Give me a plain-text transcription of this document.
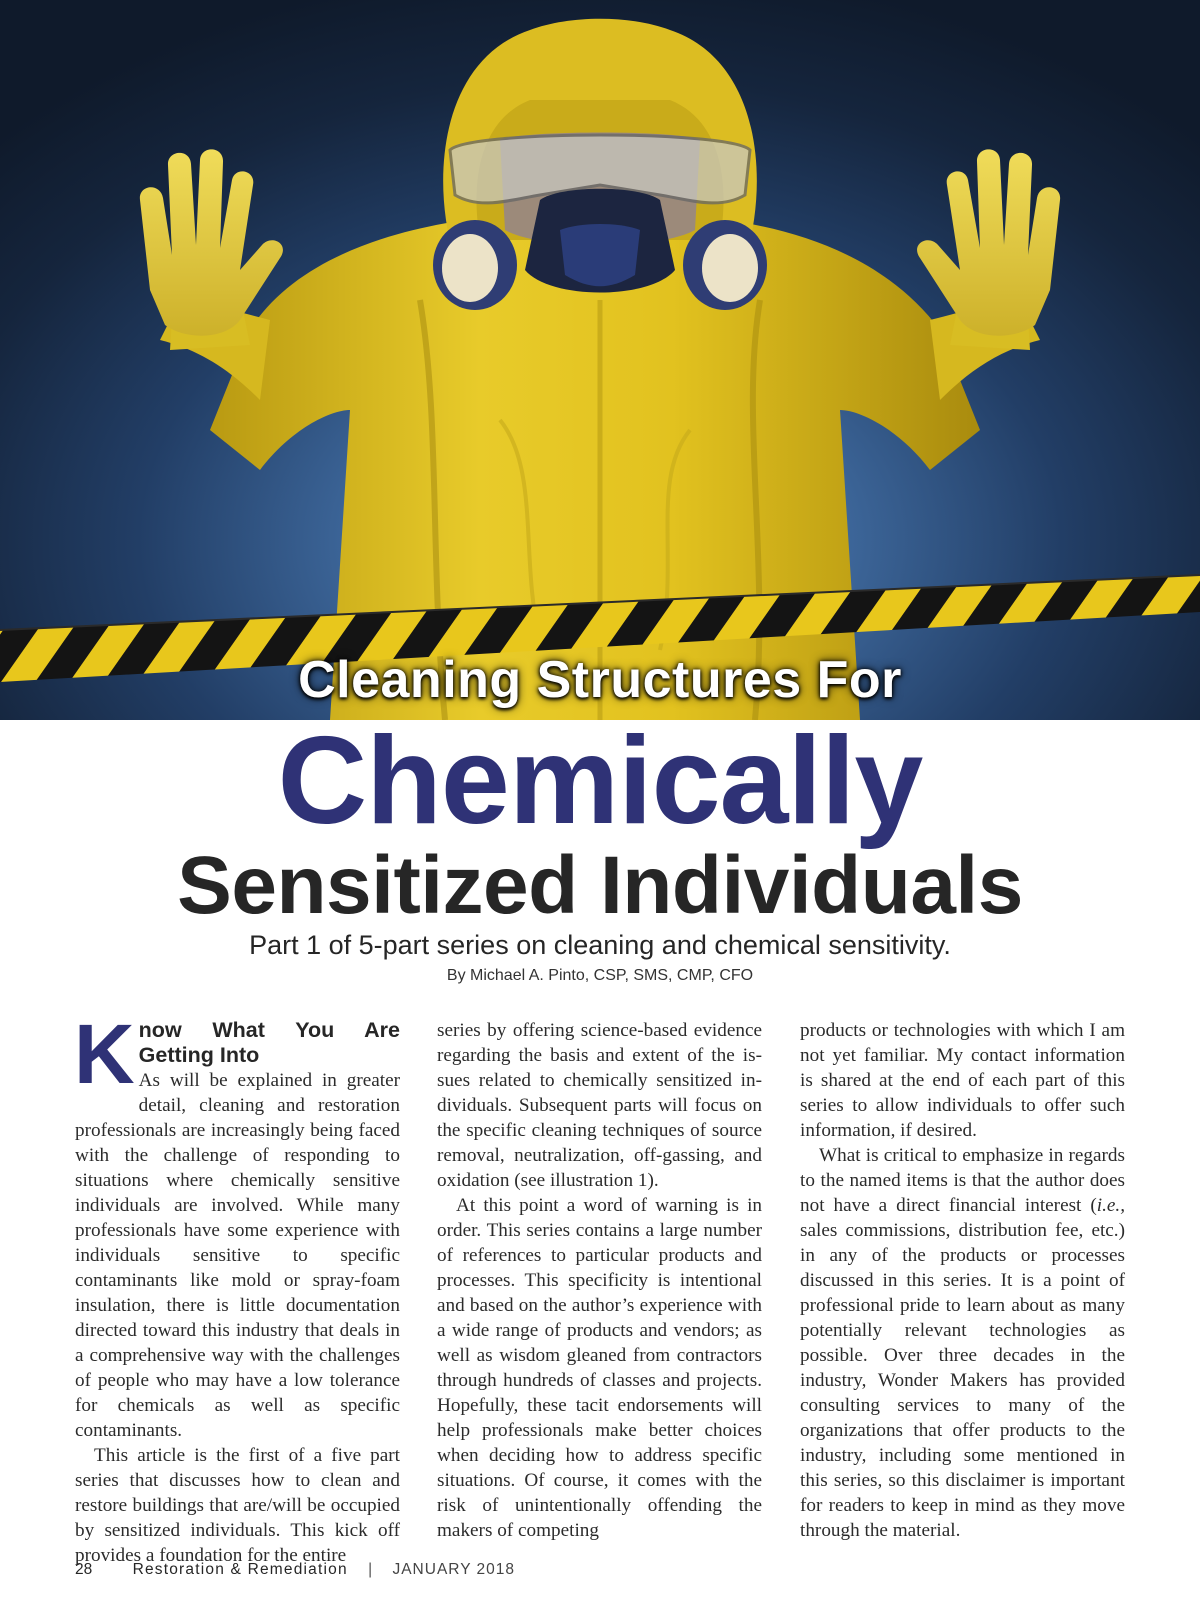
Cleaning Structures For
Chemically
Sensitized Individuals

Part 1 of 5-part series on cleaning and chemical sensitivity.

By Michael A. Pinto, CSP, SMS, CMP, CFO

K now What You Are Getting Into

As will be explained in greater detail, cleaning and restoration professionals are increasingly being faced with the challenge of responding to situations where chemically sensitive individuals are involved. While many professionals have some experience with individuals sensitive to specific contaminants like mold or spray-foam insulation, there is little documentation directed toward this industry that deals in a comprehensive way with the challenges of people who may have a low tolerance for chemicals as well as specific contaminants.

This article is the first of a five part series that discusses how to clean and restore buildings that are/will be occupied by sensitized individuals. This kick off provides a foundation for the entire

series by offering science-based evidence regarding the basis and extent of the issues related to chemically sensitized individuals. Subsequent parts will focus on the specific cleaning techniques of source removal, neutralization, off-gassing, and oxidation (see illustration 1).

At this point a word of warning is in order. This series contains a large number of references to particular products and processes. This specificity is intentional and based on the author’s experience with a wide range of products and vendors; as well as wisdom gleaned from contractors through hundreds of classes and projects. Hopefully, these tacit endorsements will help professionals make better choices when deciding how to address specific situations. Of course, it comes with the risk of unintentionally offending the makers of competing

products or technologies with which I am not yet familiar. My contact information is shared at the end of each part of this series to allow individuals to offer such information, if desired.

What is critical to emphasize in regards to the named items is that the author does not have a direct financial interest (i.e., sales commissions, distribution fee, etc.) in any of the products or processes discussed in this series. It is a point of professional pride to learn about as many potentially relevant technologies as possible. Over three decades in the industry, Wonder Makers has provided consulting services to many of the organizations that offer products to the industry, including some mentioned in this series, so this disclaimer is important for readers to keep in mind as they move through the material.

28	Restoration & Remediation | JANUARY 2018
